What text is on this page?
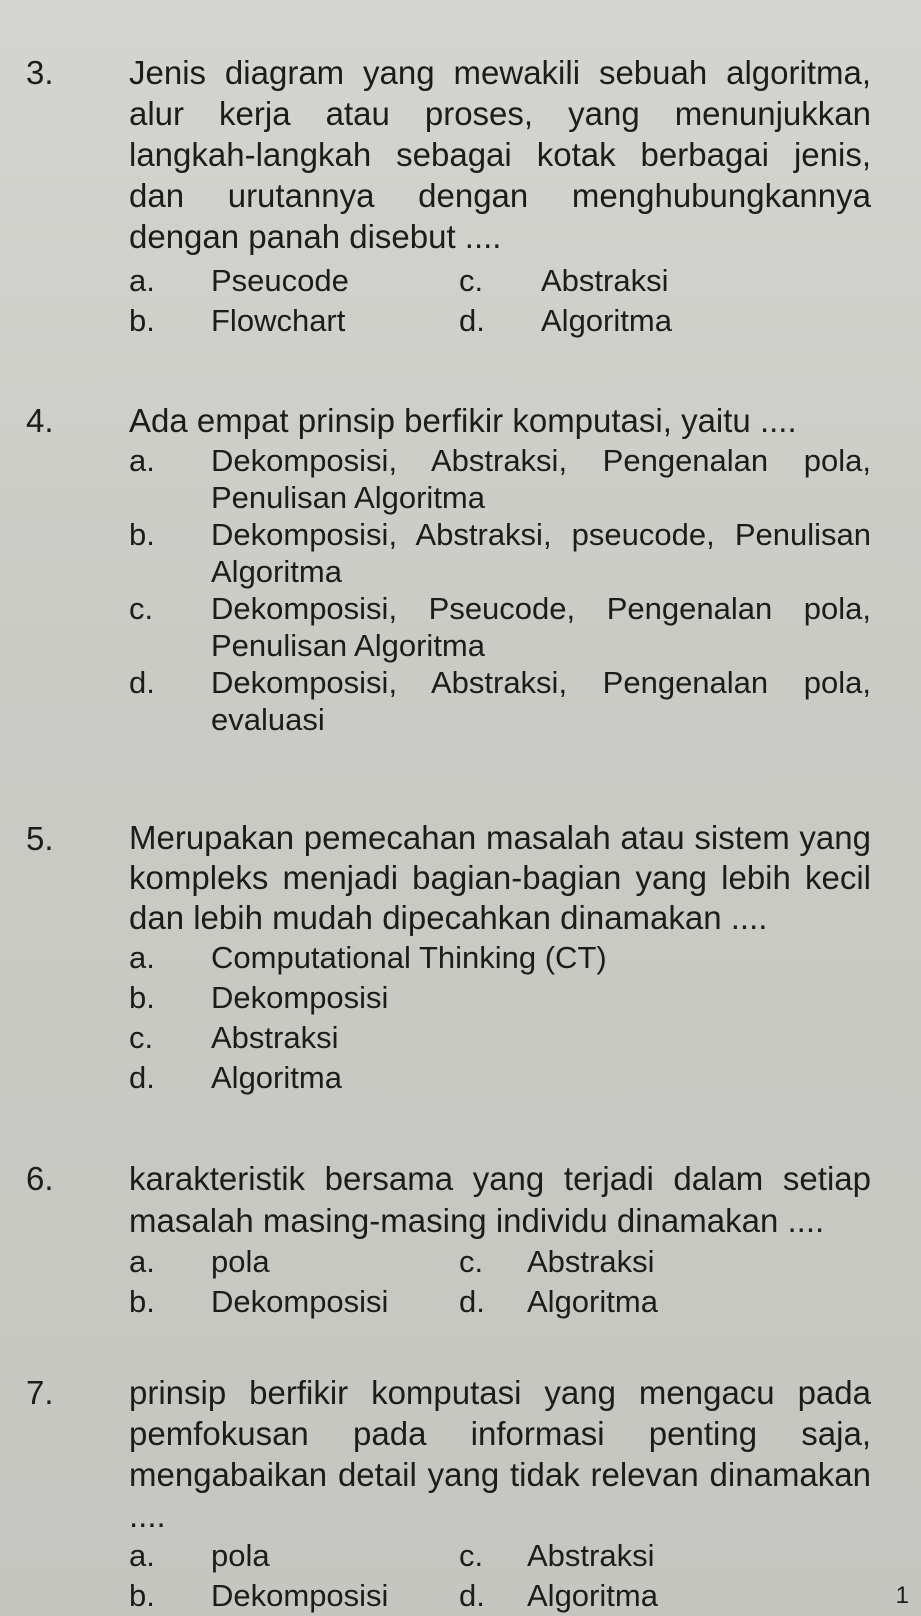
3. Jenis diagram yang mewakili sebuah algoritma, alur kerja atau proses, yang menunjukkan langkah-langkah sebagai kotak berbagai jenis, dan urutannya dengan menghubungkannya dengan panah disebut ....
a.	Pseucode	c.	Abstraksi
b.	Flowchart	d.	Algoritma
4. Ada empat prinsip berfikir komputasi, yaitu ....
a.	Dekomposisi, Abstraksi, Pengenalan pola, Penulisan Algoritma
b.	Dekomposisi, Abstraksi, pseucode, Penulisan Algoritma
c.	Dekomposisi, Pseucode, Pengenalan pola, Penulisan Algoritma
d.	Dekomposisi, Abstraksi, Pengenalan pola, evaluasi
5. Merupakan pemecahan masalah atau sistem yang kompleks menjadi bagian-bagian yang lebih kecil dan lebih mudah dipecahkan dinamakan ....
a.	Computational Thinking (CT)
b.	Dekomposisi
c.	Abstraksi
d.	Algoritma
6. karakteristik bersama yang terjadi dalam setiap masalah masing-masing individu dinamakan ....
a.	pola	c.	Abstraksi
b.	Dekomposisi d.	Algoritma
7. prinsip berfikir komputasi yang mengacu pada pemfokusan pada informasi penting saja, mengabaikan detail yang tidak relevan dinamakan ....
a.	pola	c.	Abstraksi
b.	Dekomposisi d.	Algoritma	1
